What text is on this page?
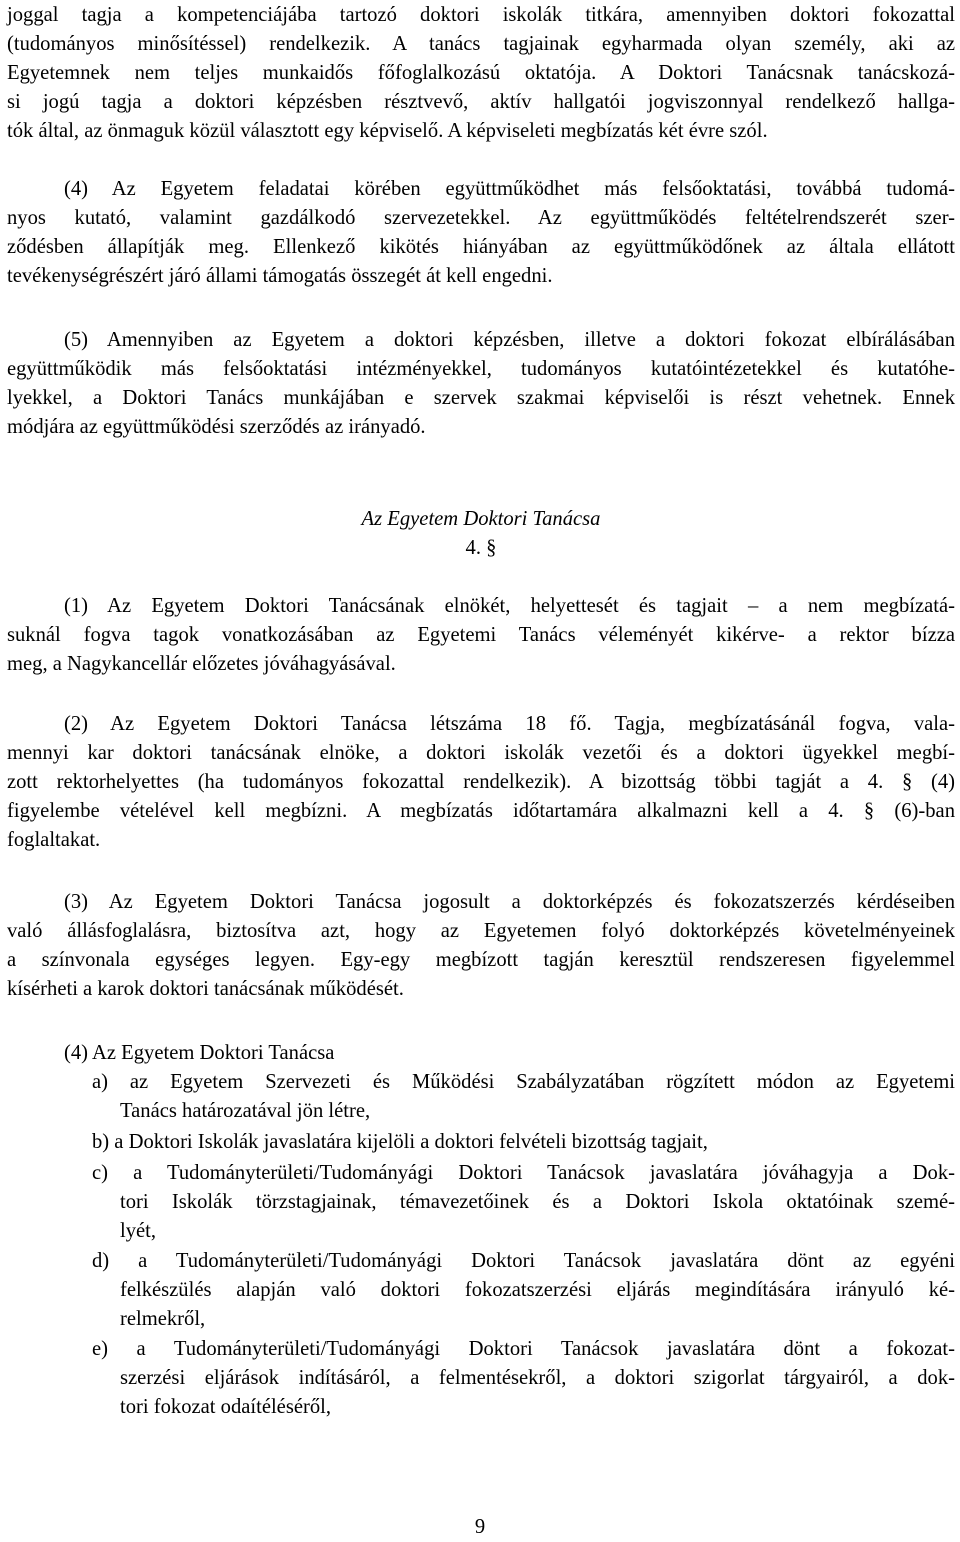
joggal tagja a kompetenciájába tartozó doktori iskolák titkára, amennyiben doktori fokozattal
(tudományos minősítéssel) rendelkezik. A tanács tagjainak egyharmada olyan személy, aki az
Egyetemnek nem teljes munkaidős főfoglalkozású oktatója. A Doktori Tanácsnak tanácskozá-
si jogú tagja a doktori képzésben résztvevő, aktív hallgatói jogviszonnyal rendelkező hallga-
tók által, az önmaguk közül választott egy képviselő. A képviseleti megbízatás két évre szól.
(4) Az Egyetem feladatai körében együttműködhet más felsőoktatási, továbbá tudomá-
nyos kutató, valamint gazdálkodó szervezetekkel. Az együttműködés feltételrendszerét szer-
ződésben állapítják meg. Ellenkező kikötés hiányában az együttműködőnek az általa ellátott
tevékenységrészért járó állami támogatás összegét át kell engedni.
(5) Amennyiben az Egyetem a doktori képzésben, illetve a doktori fokozat elbírálásában
együttműködik más felsőoktatási intézményekkel, tudományos kutatóintézetekkel és kutatóhe-
lyekkel, a Doktori Tanács munkájában e szervek szakmai képviselői is részt vehetnek. Ennek
módjára az együttműködési szerződés az irányadó.
Az Egyetem Doktori Tanácsa
4. §
(1) Az Egyetem Doktori Tanácsának elnökét, helyettesét és tagjait – a nem megbízatá-
suknál fogva tagok vonatkozásában az Egyetemi Tanács véleményét kikérve- a rektor bízza
meg, a Nagykancellár előzetes jóváhagyásával.
(2) Az Egyetem Doktori Tanácsa létszáma 18 fő. Tagja, megbízatásánál fogva, vala-
mennyi kar doktori tanácsának elnöke, a doktori iskolák vezetői és a doktori ügyekkel megbí-
zott rektorhelyettes (ha tudományos fokozattal rendelkezik). A bizottság többi tagját a 4. § (4)
figyelembe vételével kell megbízni. A megbízatás időtartamára alkalmazni kell a 4. § (6)-ban
foglaltakat.
(3) Az Egyetem Doktori Tanácsa jogosult a doktorképzés és fokozatszerzés kérdéseiben
való állásfoglalásra, biztosítva azt, hogy az Egyetemen folyó doktorképzés követelményeinek
a színvonala egységes legyen. Egy-egy megbízott tagján keresztül rendszeresen figyelemmel
kísérheti a karok doktori tanácsának működését.
(4) Az Egyetem Doktori Tanácsa
a) az Egyetem Szervezeti és Működési Szabályzatában rögzített módon az Egyetemi
Tanács határozatával jön létre,
b) a Doktori Iskolák javaslatára kijelöli a doktori felvételi bizottság tagjait,
c) a Tudományterületi/Tudományági Doktori Tanácsok javaslatára jóváhagyja a Dok-
tori Iskolák törzstagjainak, témavezetőinek és a Doktori Iskola oktatóinak szemé-
lyét,
d) a Tudományterületi/Tudományági Doktori Tanácsok javaslatára dönt az egyéni
felkészülés alapján való doktori fokozatszerzési eljárás megindítására irányuló ké-
relmekről,
e) a Tudományterületi/Tudományági Doktori Tanácsok javaslatára dönt a fokozat-
szerzési eljárások indításáról, a felmentésekről, a doktori szigorlat tárgyairól, a dok-
tori fokozat odaítéléséről,
9
